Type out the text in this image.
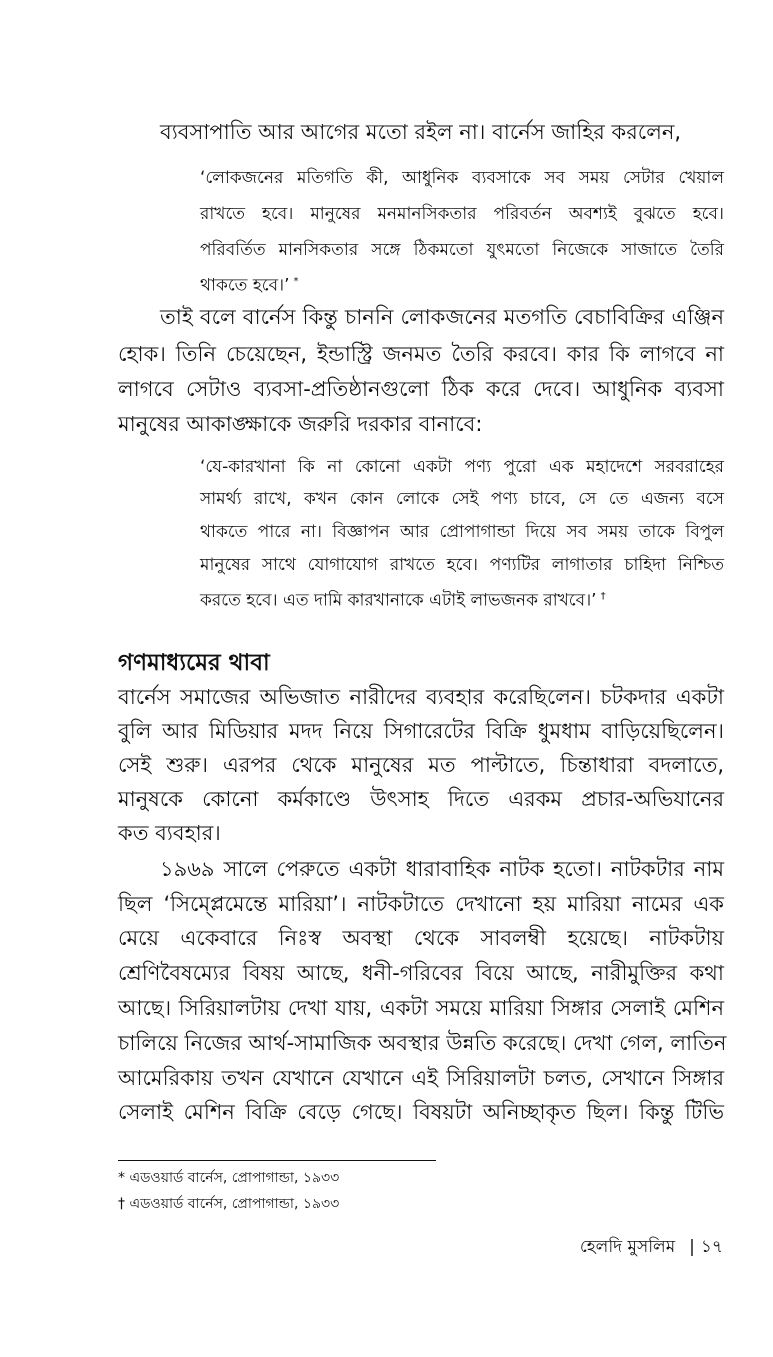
ব্যবসাপাতি আর আগের মতো রইল না। বার্নেস জাহির করলেন,

‘লোকজনের মতিগতি কী, আধুনিক ব্যবসাকে সব সময় সেটার খেয়াল

রাখতে হবে। মানুষের মনমানসিকতার পরিবর্তন অবশ্যই বুঝতে হবে।

পরিবর্তিত মানসিকতার সঙ্গে ঠিকমতো যুৎমতো নিজেকে সাজাতে তৈরি

থাকতে হবে।’ *

তাই বলে বার্নেস কিন্তু চাননি লোকজনের মতগতি বেচাবিক্রির এঞ্জিন

হোক। তিনি চেয়েছেন, ইন্ডাস্ট্রি জনমত তৈরি করবে। কার কি লাগবে না

লাগবে সেটাও ব্যবসা-প্রতিষ্ঠানগুলো ঠিক করে দেবে। আধুনিক ব্যবসা

মানুষের আকাঙ্ক্ষাকে জরুরি দরকার বানাবে:

‘যে-কারখানা কি না কোনো একটা পণ্য পুরো এক মহাদেশে সরবরাহের

সামর্থ্য রাখে, কখন কোন লোকে সেই পণ্য চাবে, সে তে এজন্য বসে

থাকতে পারে না। বিজ্ঞাপন আর প্রোপাগান্ডা দিয়ে সব সময় তাকে বিপুল

মানুষের সাথে যোগাযোগ রাখতে হবে। পণ্যটির লাগাতার চাহিদা নিশ্চিত

করতে হবে। এত দামি কারখানাকে এটাই লাভজনক রাখবে।’ †

গণমাধ্যমের থাবা

বার্নেস সমাজের অভিজাত নারীদের ব্যবহার করেছিলেন। চটকদার একটা

বুলি আর মিডিয়ার মদদ নিয়ে সিগারেটের বিক্রি ধুমধাম বাড়িয়েছিলেন।

সেই শুরু। এরপর থেকে মানুষের মত পাল্টাতে, চিন্তাধারা বদলাতে,

মানুষকে কোনো কর্মকাণ্ডে উৎসাহ দিতে এরকম প্রচার-অভিযানের

কত ব্যবহার।

১৯৬৯ সালে পেরুতে একটা ধারাবাহিক নাটক হতো। নাটকটার নাম

ছিল ‘সিম্প্লেমেন্তে মারিয়া’। নাটকটাতে দেখানো হয় মারিয়া নামের এক

মেয়ে একেবারে নিঃস্ব অবস্থা থেকে সাবলম্বী হয়েছে। নাটকটায়

শ্রেণিবৈষম্যের বিষয় আছে, ধনী-গরিবের বিয়ে আছে, নারীমুক্তির কথা

আছে। সিরিয়ালটায় দেখা যায়, একটা সময়ে মারিয়া সিঙ্গার সেলাই মেশিন

চালিয়ে নিজের আর্থ-সামাজিক অবস্থার উন্নতি করেছে। দেখা গেল, লাতিন

আমেরিকায় তখন যেখানে যেখানে এই সিরিয়ালটা চলত, সেখানে সিঙ্গার

সেলাই মেশিন বিক্রি বেড়ে গেছে। বিষয়টা অনিচ্ছাকৃত ছিল। কিন্তু টিভি

* এডওয়ার্ড বার্নেস, প্রোপাগান্ডা, ১৯৩৩

† এডওয়ার্ড বার্নেস, প্রোপাগান্ডা, ১৯৩৩

হেলদি মুসলিম | ১৭
